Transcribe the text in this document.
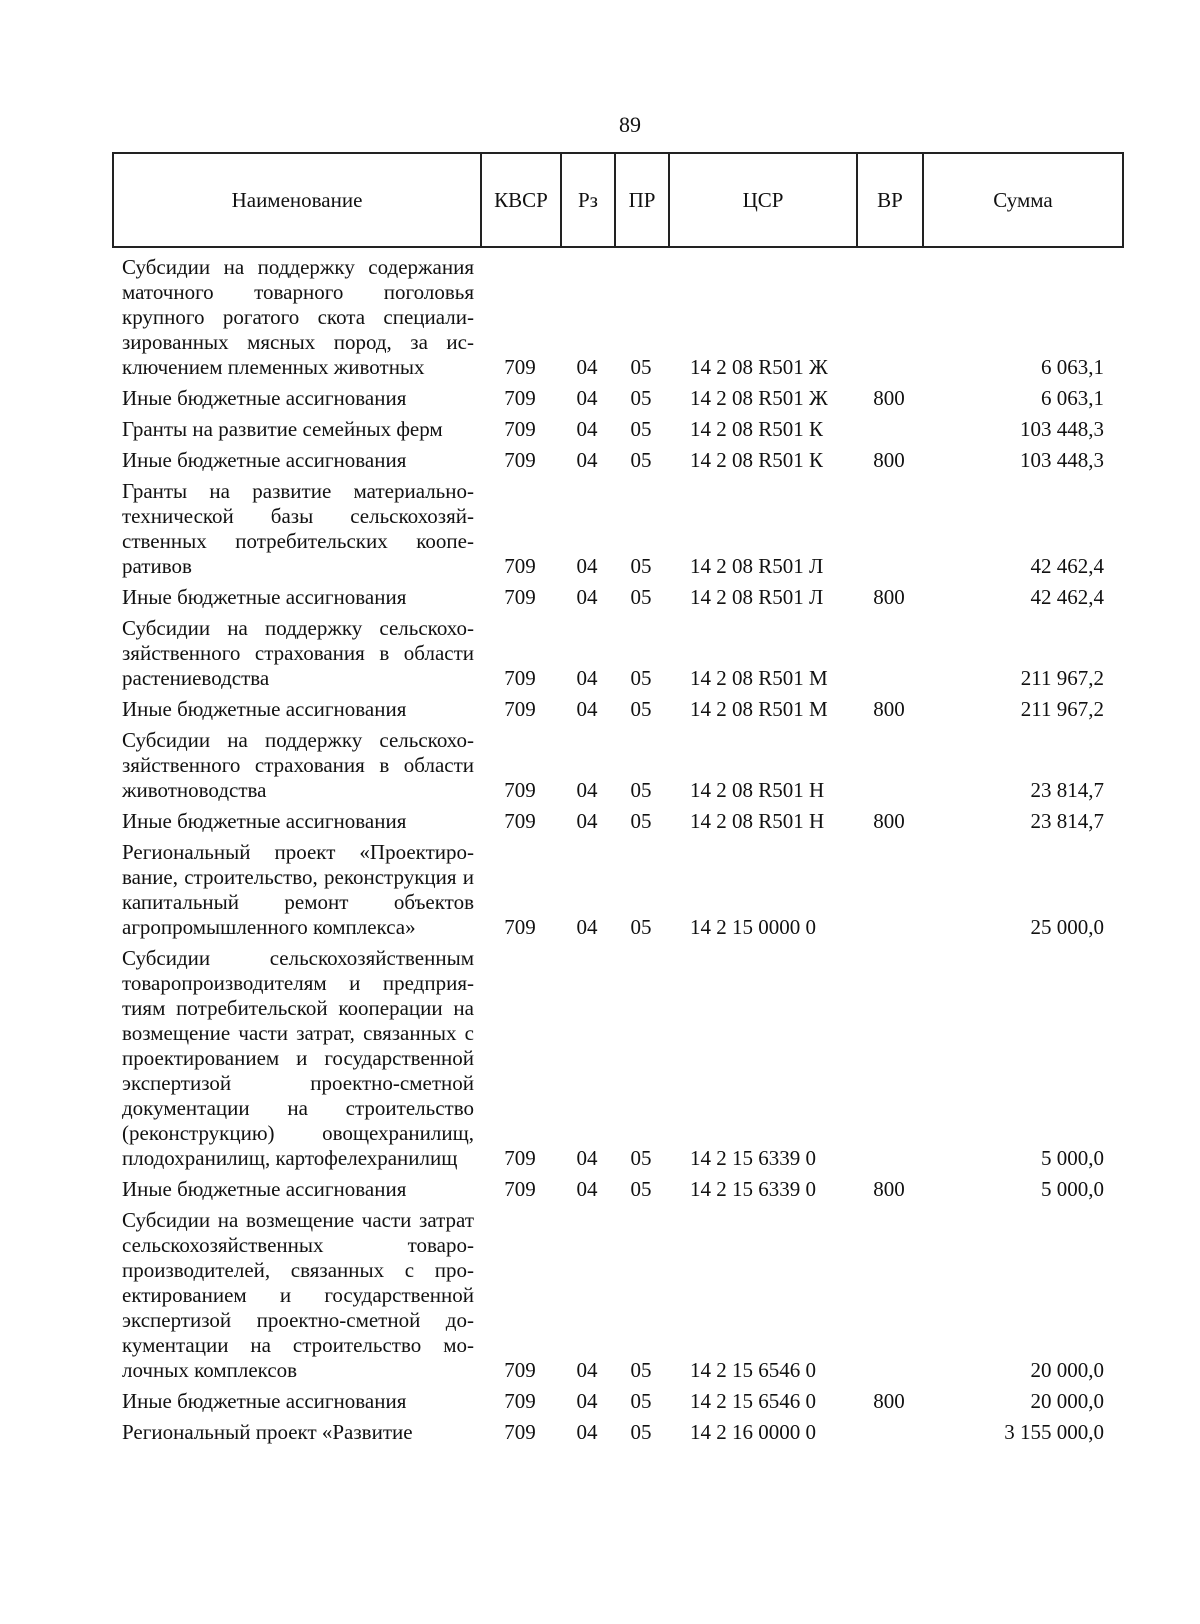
89
Наименование	КВСР	Рз	ПР	ЦСР	ВР	Сумма
Субсидии на поддержку содержания маточного товарного поголовья крупного рогатого скота специализированных мясных пород, за исключением племенных животных	709	04	05	14 2 08 R501 Ж		6 063,1
Иные бюджетные ассигнования	709	04	05	14 2 08 R501 Ж	800	6 063,1
Гранты на развитие семейных ферм	709	04	05	14 2 08 R501 К		103 448,3
Иные бюджетные ассигнования	709	04	05	14 2 08 R501 К	800	103 448,3
Гранты на развитие материально-технической базы сельскохозяйственных потребительских кооперативов	709	04	05	14 2 08 R501 Л		42 462,4
Иные бюджетные ассигнования	709	04	05	14 2 08 R501 Л	800	42 462,4
Субсидии на поддержку сельскохозяйственного страхования в области растениеводства	709	04	05	14 2 08 R501 М		211 967,2
Иные бюджетные ассигнования	709	04	05	14 2 08 R501 М	800	211 967,2
Субсидии на поддержку сельскохозяйственного страхования в области животноводства	709	04	05	14 2 08 R501 Н		23 814,7
Иные бюджетные ассигнования	709	04	05	14 2 08 R501 Н	800	23 814,7
Региональный проект «Проектирование, строительство, реконструкция и капитальный ремонт объектов агропромышленного комплекса»	709	04	05	14 2 15 0000 0		25 000,0
Субсидии сельскохозяйственным товаропроизводителям и предприятиям потребительской кооперации на возмещение части затрат, связанных с проектированием и государственной экспертизой проектно-сметной документации на строительство (реконструкцию) овощехранилищ, плодохранилищ, картофелехранилищ	709	04	05	14 2 15 6339 0		5 000,0
Иные бюджетные ассигнования	709	04	05	14 2 15 6339 0	800	5 000,0
Субсидии на возмещение части затрат сельскохозяйственных товаропроизводителей, связанных с проектированием и государственной экспертизой проектно-сметной документации на строительство молочных комплексов	709	04	05	14 2 15 6546 0		20 000,0
Иные бюджетные ассигнования	709	04	05	14 2 15 6546 0	800	20 000,0
Региональный проект «Развитие	709	04	05	14 2 16 0000 0		3 155 000,0
